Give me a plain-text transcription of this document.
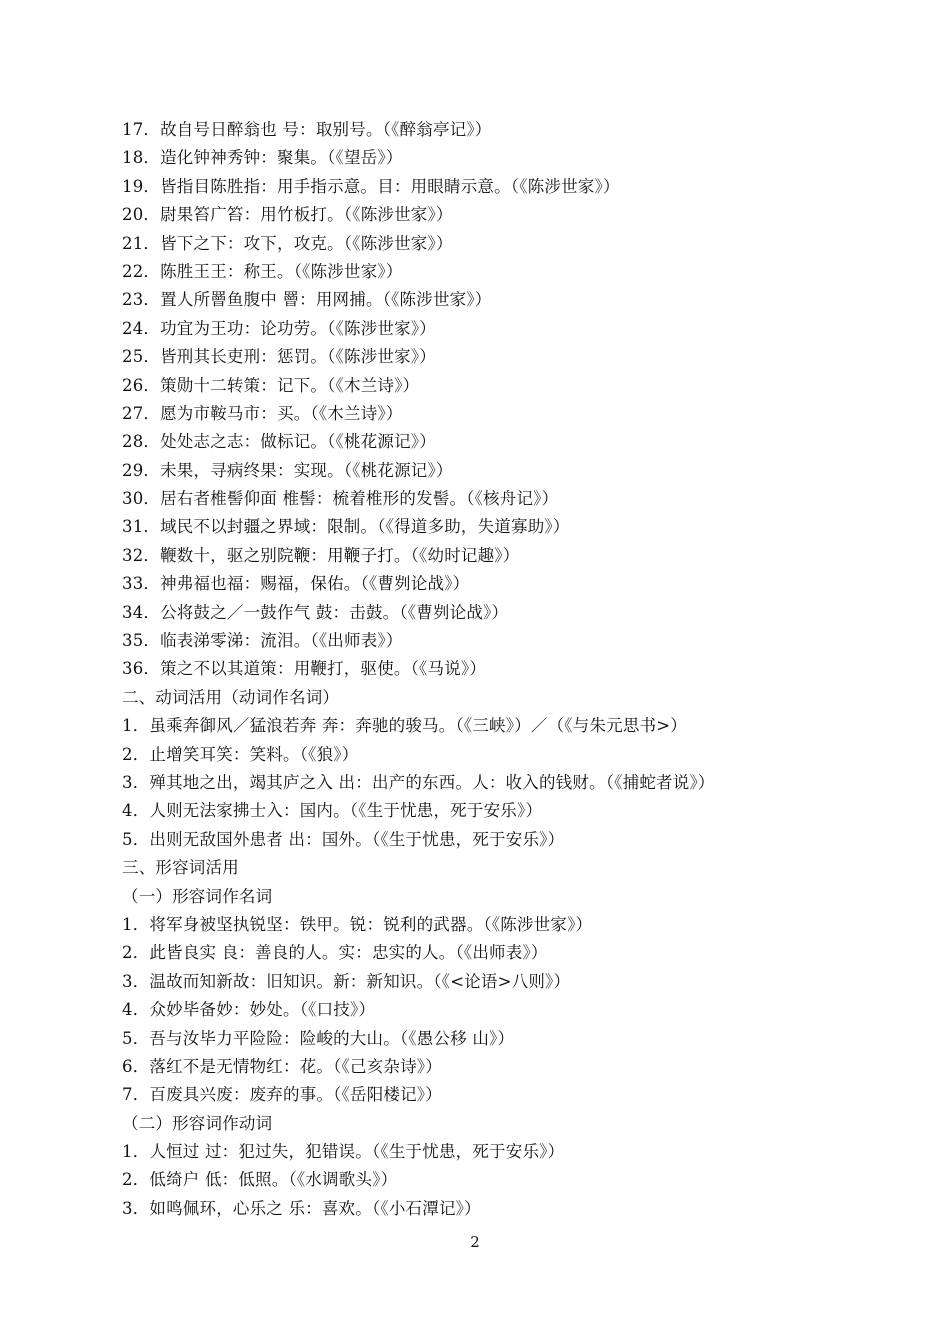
17．故自号日醉翁也 号：取别号。（《醉翁亭记》）
18．造化钟神秀钟：聚集。（《望岳》）
19．皆指目陈胜指：用手指示意。目：用眼睛示意。（《陈涉世家》）
20．尉果笞广笞：用竹板打。（《陈涉世家》）
21．皆下之下：攻下，攻克。（《陈涉世家》）
22．陈胜王王：称王。（《陈涉世家》）
23．置人所罾鱼腹中 罾：用网捕。（《陈涉世家》）
24．功宜为王功：论功劳。（《陈涉世家》）
25．皆刑其长吏刑：惩罚。（《陈涉世家》）
26．策勋十二转策：记下。（《木兰诗》）
27．愿为市鞍马市：买。（《木兰诗》）
28．处处志之志：做标记。（《桃花源记》）
29．未果，寻病终果：实现。（《桃花源记》）
30．居右者椎髻仰面 椎髻：梳着椎形的发髻。（《核舟记》）
31．域民不以封疆之界域：限制。（《得道多助，失道寡助》）
32．鞭数十，驱之别院鞭：用鞭子打。（《幼时记趣》）
33．神弗福也福：赐福，保佑。（《曹刿论战》）
34．公将鼓之／一鼓作气 鼓：击鼓。（《曹刿论战》）
35．临表涕零涕：流泪。（《出师表》）
36．策之不以其道策：用鞭打，驱使。（《马说》）
二、动词活用（动词作名词）
1．虽乘奔御风／猛浪若奔 奔：奔驰的骏马。（《三峡》）／（《与朱元思书>）
2．止增笑耳笑：笑料。（《狼》）
3．殚其地之出，竭其庐之入 出：出产的东西。人：收入的钱财。（《捕蛇者说》）
4．人则无法家拂士入：国内。（《生于忧患，死于安乐》）
5．出则无敌国外患者 出：国外。（《生于忧患，死于安乐》）
三、形容词活用
（一）形容词作名词
1．将军身被坚执锐坚：铁甲。锐：锐利的武器。（《陈涉世家》）
2．此皆良实 良：善良的人。实：忠实的人。（《出师表》）
3．温故而知新故：旧知识。新：新知识。（《<论语>八则》）
4．众妙毕备妙：妙处。（《口技》）
5．吾与汝毕力平险险：险峻的大山。（《愚公移 山》）
6．落红不是无情物红：花。（《己亥杂诗》）
7．百废具兴废：废弃的事。（《岳阳楼记》）
（二）形容词作动词
1．人恒过 过：犯过失，犯错误。（《生于忧患，死于安乐》）
2．低绮户 低：低照。（《水调歌头》）
3．如鸣佩环，心乐之 乐：喜欢。（《小石潭记》）
2
